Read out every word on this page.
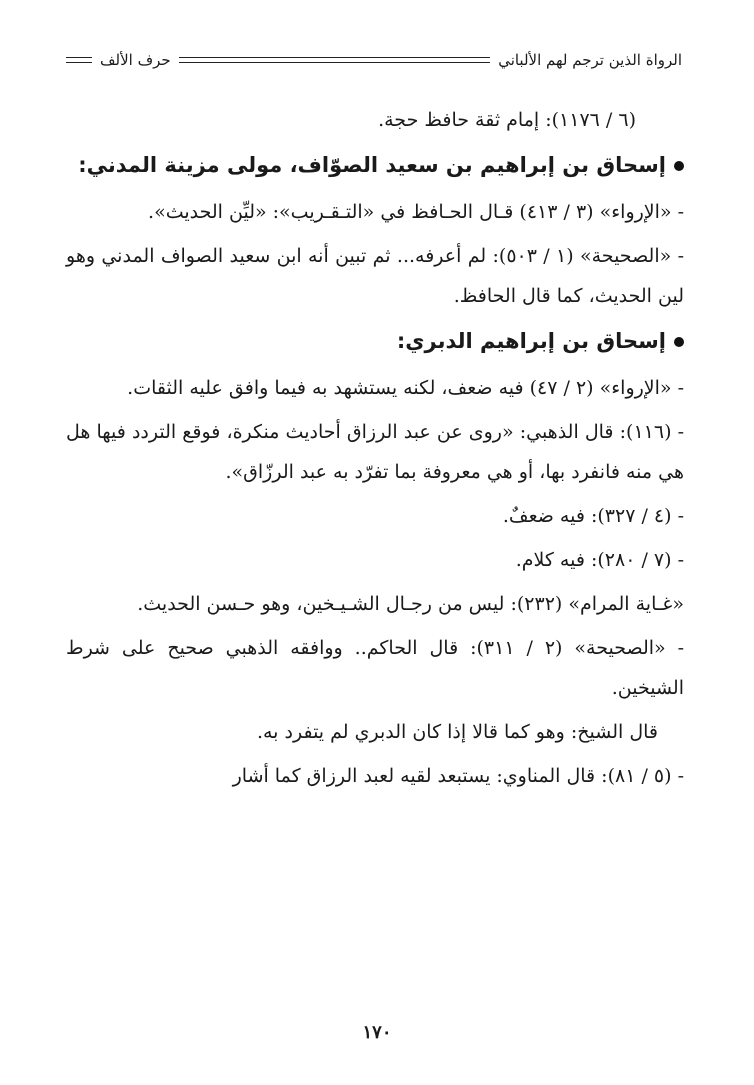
الرواة الذين ترجم لهم الألباني
حرف الألف

(٦ / ١١٧٦): إمام ثقة حافظ حجة.

إسحاق بن إبراهيم بن سعيد الصوّاف، مولى مزينة المدني:

- «الإرواء» (٣ / ٤١٣) قـال الحـافظ في «التـقـريب»: «ليِّن الحديث».

- «الصحيحة» (١ / ٥٠٣): لم أعرفه... ثم تبين أنه ابن سعيد الصواف المدني وهو لين الحديث، كما قال الحافظ.

إسحاق بن إبراهيم الدبري:

- «الإرواء» (٢ / ٤٧) فيه ضعف، لكنه يستشهد به فيما وافق عليه الثقات.

- (١١٦): قال الذهبي: «روى عن عبد الرزاق أحاديث منكرة، فوقع التردد فيها هل هي منه فانفرد بها، أو هي معروفة بما تفرّد به عبد الرزّاق».

- (٤ / ٣٢٧): فيه ضعفٌ.

- (٧ / ٢٨٠): فيه كلام.

«غـاية المرام» (٢٣٢): ليس من رجـال الشـيـخين، وهو حـسن الحديث.

- «الصحيحة» (٢ / ٣١١): قال الحاكم.. ووافقه الذهبي صحيح على شرط الشيخين.

قال الشيخ: وهو كما قالا إذا كان الدبري لم يتفرد به.

- (٥ / ٨١): قال المناوي: يستبعد لقيه لعبد الرزاق كما أشار

١٧٠
